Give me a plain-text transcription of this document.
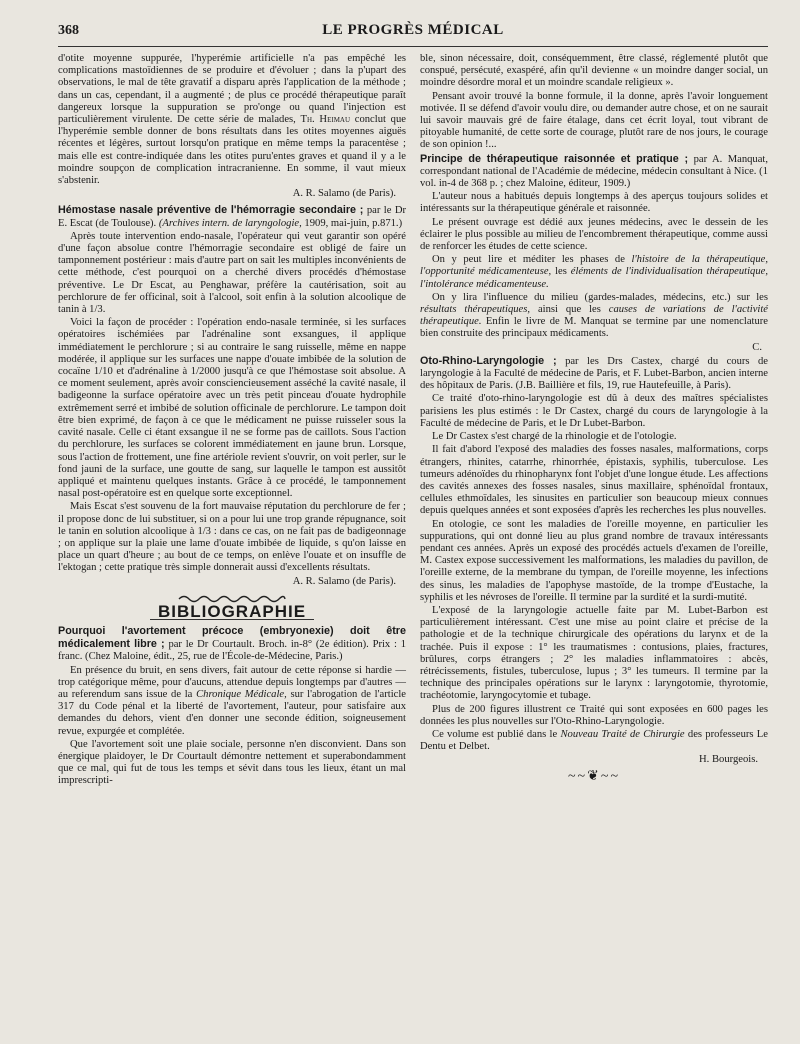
368	LE PROGRÈS MÉDICAL

d'otite moyenne suppurée, l'hyperémie artificielle n'a pas empêché les complications mastoïdiennes de se produire et d'évoluer ; dans la p'upart des observations, le mal de tête gravatif a disparu après l'application de la méthode ; dans un cas, cependant, il a augmenté ; de plus ce procédé thérapeutique paraît dangereux lorsque la suppuration se pro'onge ou quand l'injection est particulièrement virulente. De cette série de malades, Th. Heimau conclut que l'hyperémie semble donner de bons résultats dans les otites moyennes aiguës récentes et légères, surtout lorsqu'on pratique en même temps la paracentèse ; mais elle est contre-indiquée dans les otites puru'entes graves et quand il y a le moindre soupçon de complication intracranienne. En somme, il vaut mieux s'abstenir.

A. R. Salamo (de Paris).

Hémostase nasale préventive de l'hémorragie secondaire ; par le Dr E. Escat (de Toulouse). (Archives intern. de laryngologie, 1909, mai-juin, p.871.)

Après toute intervention endo-nasale, l'opérateur qui veut garantir son opéré d'une façon absolue contre l'hémorragie secondaire est obligé de faire un tamponnement postérieur : mais d'autre part on sait les multiples inconvénients de cette méthode, c'est pourquoi on a cherché divers procédés d'hémostase préventive. Le Dr Escat, au Penghawar, préfère la cautérisation, soit au perchlorure de fer officinal, soit à l'alcool, soit enfin à la solution alcoolique de tanin à 1/3.

Voici la façon de procéder : l'opération endo-nasale terminée, si les surfaces opératoires ischémiées par l'adrénaline sont exsangues, il applique immédiatement le perchlorure ; si au contraire le sang ruisselle, même en nappe modérée, il applique sur les surfaces une nappe d'ouate imbibée de la solution de cocaïne 1/10 et d'adrénaline à 1/2000 jusqu'à ce que l'hémostase soit absolue. A ce moment seulement, après avoir consciencieusement asséché la cavité nasale, il badigeonne la surface opératoire avec un très petit pinceau d'ouate hydrophile extrêmement serré et imbibé de solution officinale de perchlorure. Le tampon doit être bien exprimé, de façon à ce que le médicament ne puisse ruisseler sous la cavité nasale. Celle ci étant exsangue il ne se forme pas de caillots. Sous l'action du perchlorure, les surfaces se colorent immédiatement en jaune brun. Lorsque, sous l'action de frottement, une fine artériole revient s'ouvrir, on voit perler, sur le fond jauni de la surface, une goutte de sang, sur laquelle le tampon est aussitôt appliqué et maintenu quelques instants. Grâce à ce procédé, le tamponnement nasal post-opératoire est en quelque sorte exceptionnel.

Mais Escat s'est souvenu de la fort mauvaise réputation du perchlorure de fer ; il propose donc de lui substituer, si on a pour lui une trop grande répugnance, soit le tanin en solution alcoolique à 1/3 : dans ce cas, on ne fait pas de badigeonnage ; on applique sur la plaie une lame d'ouate imbibée de liquide, s qu'on laisse en place un quart d'heure ; au bout de ce temps, on enlève l'ouate et on insuffle de l'ektogan ; cette pratique très simple donnerait aussi d'excellents résultats.

A. R. Salamo (de Paris).

BIBLIOGRAPHIE

Pourquoi l'avortement précoce (embryonexie) doit être médicalement libre ; par le Dr Courtault. Broch. in-8° (2e édition). Prix : 1 franc. (Chez Maloine, édit., 25, rue de l'École-de-Médecine, Paris.)

En présence du bruit, en sens divers, fait autour de cette réponse si hardie — trop catégorique même, pour d'aucuns, attendue depuis longtemps par d'autres — au referendum sans issue de la Chronique Médicale, sur l'abrogation de l'article 317 du Code pénal et la liberté de l'avortement, l'auteur, pour satisfaire aux demandes du dehors, vient d'en donner une seconde édition, soigneusement revue, expurgée et complétée.

Que l'avortement soit une plaie sociale, personne n'en disconvient. Dans son énergique plaidoyer, le Dr Courtault démontre nettement et superabondamment que ce mal, qui fut de tous les temps et sévit dans tous les lieux, étant un mal imprescripti-

ble, sinon nécessaire, doit, conséquemment, être classé, réglementé plutôt que conspué, persécuté, exaspéré, afin qu'il devienne « un moindre danger social, un moindre désordre moral et un moindre scandale religieux ».

Pensant avoir trouvé la bonne formule, il la donne, après l'avoir longuement motivée. Il se défend d'avoir voulu dire, ou demander autre chose, et on ne saurait lui savoir mauvais gré de faire étalage, dans cet écrit loyal, tout vibrant de pitoyable humanité, de cette sorte de courage, plutôt rare de nos jours, le courage de son opinion !...

Principe de thérapeutique raisonnée et pratique ; par A. Manquat, correspondant national de l'Académie de médecine, médecin consultant à Nice. (1 vol. in-4 de 368 p. ; chez Maloine, éditeur, 1909.)

L'auteur nous a habitués depuis longtemps à des aperçus toujours solides et intéressants sur la thérapeutique générale et raisonnée.

Le présent ouvrage est dédié aux jeunes médecins, avec le dessein de les éclairer le plus possible au milieu de l'encombrement thérapeutique, comme aussi de renforcer les études de cette science.

On y peut lire et méditer les phases de l'histoire de la thérapeutique, l'opportunité médicamenteuse, les éléments de l'individualisation thérapeutique, l'intolérance médicamenteuse.

On y lira l'influence du milieu (gardes-malades, médecins, etc.) sur les résultats thérapeutiques, ainsi que les causes de variations de l'activité thérapeutique. Enfin le livre de M. Manquat se termine par une nomenclature bien construite des principaux médicaments.

C.

Oto-Rhino-Laryngologie ; par les Drs Castex, chargé du cours de laryngologie à la Faculté de médecine de Paris, et F. Lubet-Barbon, ancien interne des hôpitaux de Paris. (J.B. Baillière et fils, 19, rue Hautefeuille, à Paris).

Ce traité d'oto-rhino-laryngologie est dû à deux des maîtres spécialistes parisiens les plus estimés : le Dr Castex, chargé du cours de laryngologie à la Faculté de médecine de Paris, et le Dr Lubet-Barbon.

Le Dr Castex s'est chargé de la rhinologie et de l'otologie.

Il fait d'abord l'exposé des maladies des fosses nasales, malformations, corps étrangers, rhinites, catarrhe, rhinorrhée, épistaxis, syphilis, tuberculose. Les tumeurs adénoïdes du rhinopharynx font l'objet d'une longue étude. Les affections des cavités annexes des fosses nasales, sinus maxillaire, sphénoïdal frontaux, cellules ethmoïdales, les sinusites en particulier son beaucoup mieux connues depuis quelques années et sont exposées d'après les recherches les plus nouvelles.

En otologie, ce sont les maladies de l'oreille moyenne, en particulier les suppurations, qui ont donné lieu au plus grand nombre de travaux intéressants pendant ces années. Après un exposé des procédés actuels d'examen de l'oreille, M. Castex expose successivement les malformations, les maladies du pavillon, de l'oreille externe, de la membrane du tympan, de l'oreille moyenne, les infections des sinus, les maladies de l'apophyse mastoïde, de la trompe d'Eustache, la syphilis et les névroses de l'oreille. Il termine par la surdité et la surdi-mutité.

L'exposé de la laryngologie actuelle faite par M. Lubet-Barbon est particulièrement intéressant. C'est une mise au point claire et précise de la pathologie et de la technique chirurgicale des opérations du larynx et de la trachée. Puis il expose : 1° les traumatismes : contusions, plaies, fractures, brûlures, corps étrangers ; 2° les maladies inflammatoires : abcès, rétrécissements, fistules, tuberculose, lupus ; 3° les tumeurs. Il termine par la technique des principales opérations sur le larynx : laryngotomie, thyrotomie, trachéotomie, laryngocytomie et tubage.

Plus de 200 figures illustrent ce Traité qui sont exposées en 600 pages les données les plus nouvelles sur l'Oto-Rhino-Laryngologie.

Ce volume est publié dans le Nouveau Traité de Chirurgie des professeurs Le Dentu et Delbet.

H. Bourgeois.

~~❦~~
